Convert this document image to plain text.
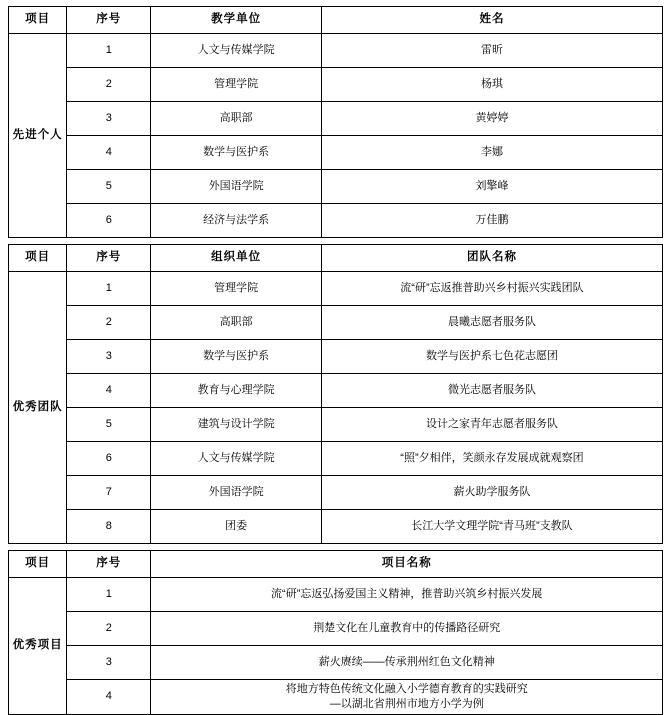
项目	序号	教学单位	姓名
先进个人	1	人文与传媒学院	雷昕
	2	管理学院	杨琪
	3	高职部	黄婷婷
	4	数学与医护系	李娜
	5	外国语学院	刘擎峰
	6	经济与法学系	万佳鹏
项目	序号	组织单位	团队名称
优秀团队	1	管理学院	流“研”忘返推普助兴乡村振兴实践团队
	2	高职部	晨曦志愿者服务队
	3	数学与医护系	数学与医护系七色花志愿团
	4	教育与心理学院	微光志愿者服务队
	5	建筑与设计学院	设计之家青年志愿者服务队
	6	人文与传媒学院	“照”夕相伴，笑颜永存发展成就观察团
	7	外国语学院	薪火助学服务队
	8	团委	长江大学文理学院“青马班”支教队
项目	序号	项目名称
优秀项目	1	流“研”忘返弘扬爱国主义精神，推普助兴筑乡村振兴发展
	2	荆楚文化在儿童教育中的传播路径研究
	3	薪火赓续——传承荆州红色文化精神
	4	将地方特色传统文化融入小学德育教育的实践研究
—以湖北省荆州市地方小学为例
